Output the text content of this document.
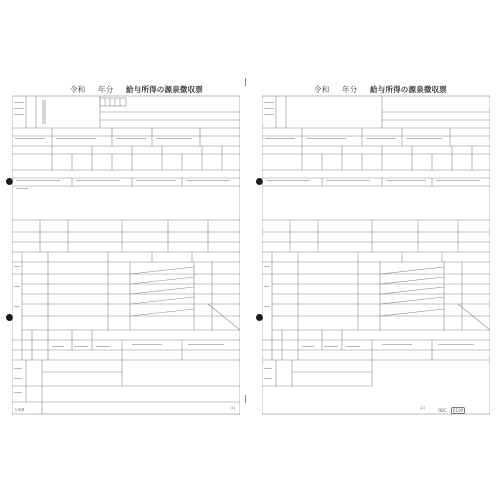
令和 年分 給与所得の源泉徴収票
当事務	(1)
令和 年分 給与所得の源泉徴収票
(2)	OBC 6109
